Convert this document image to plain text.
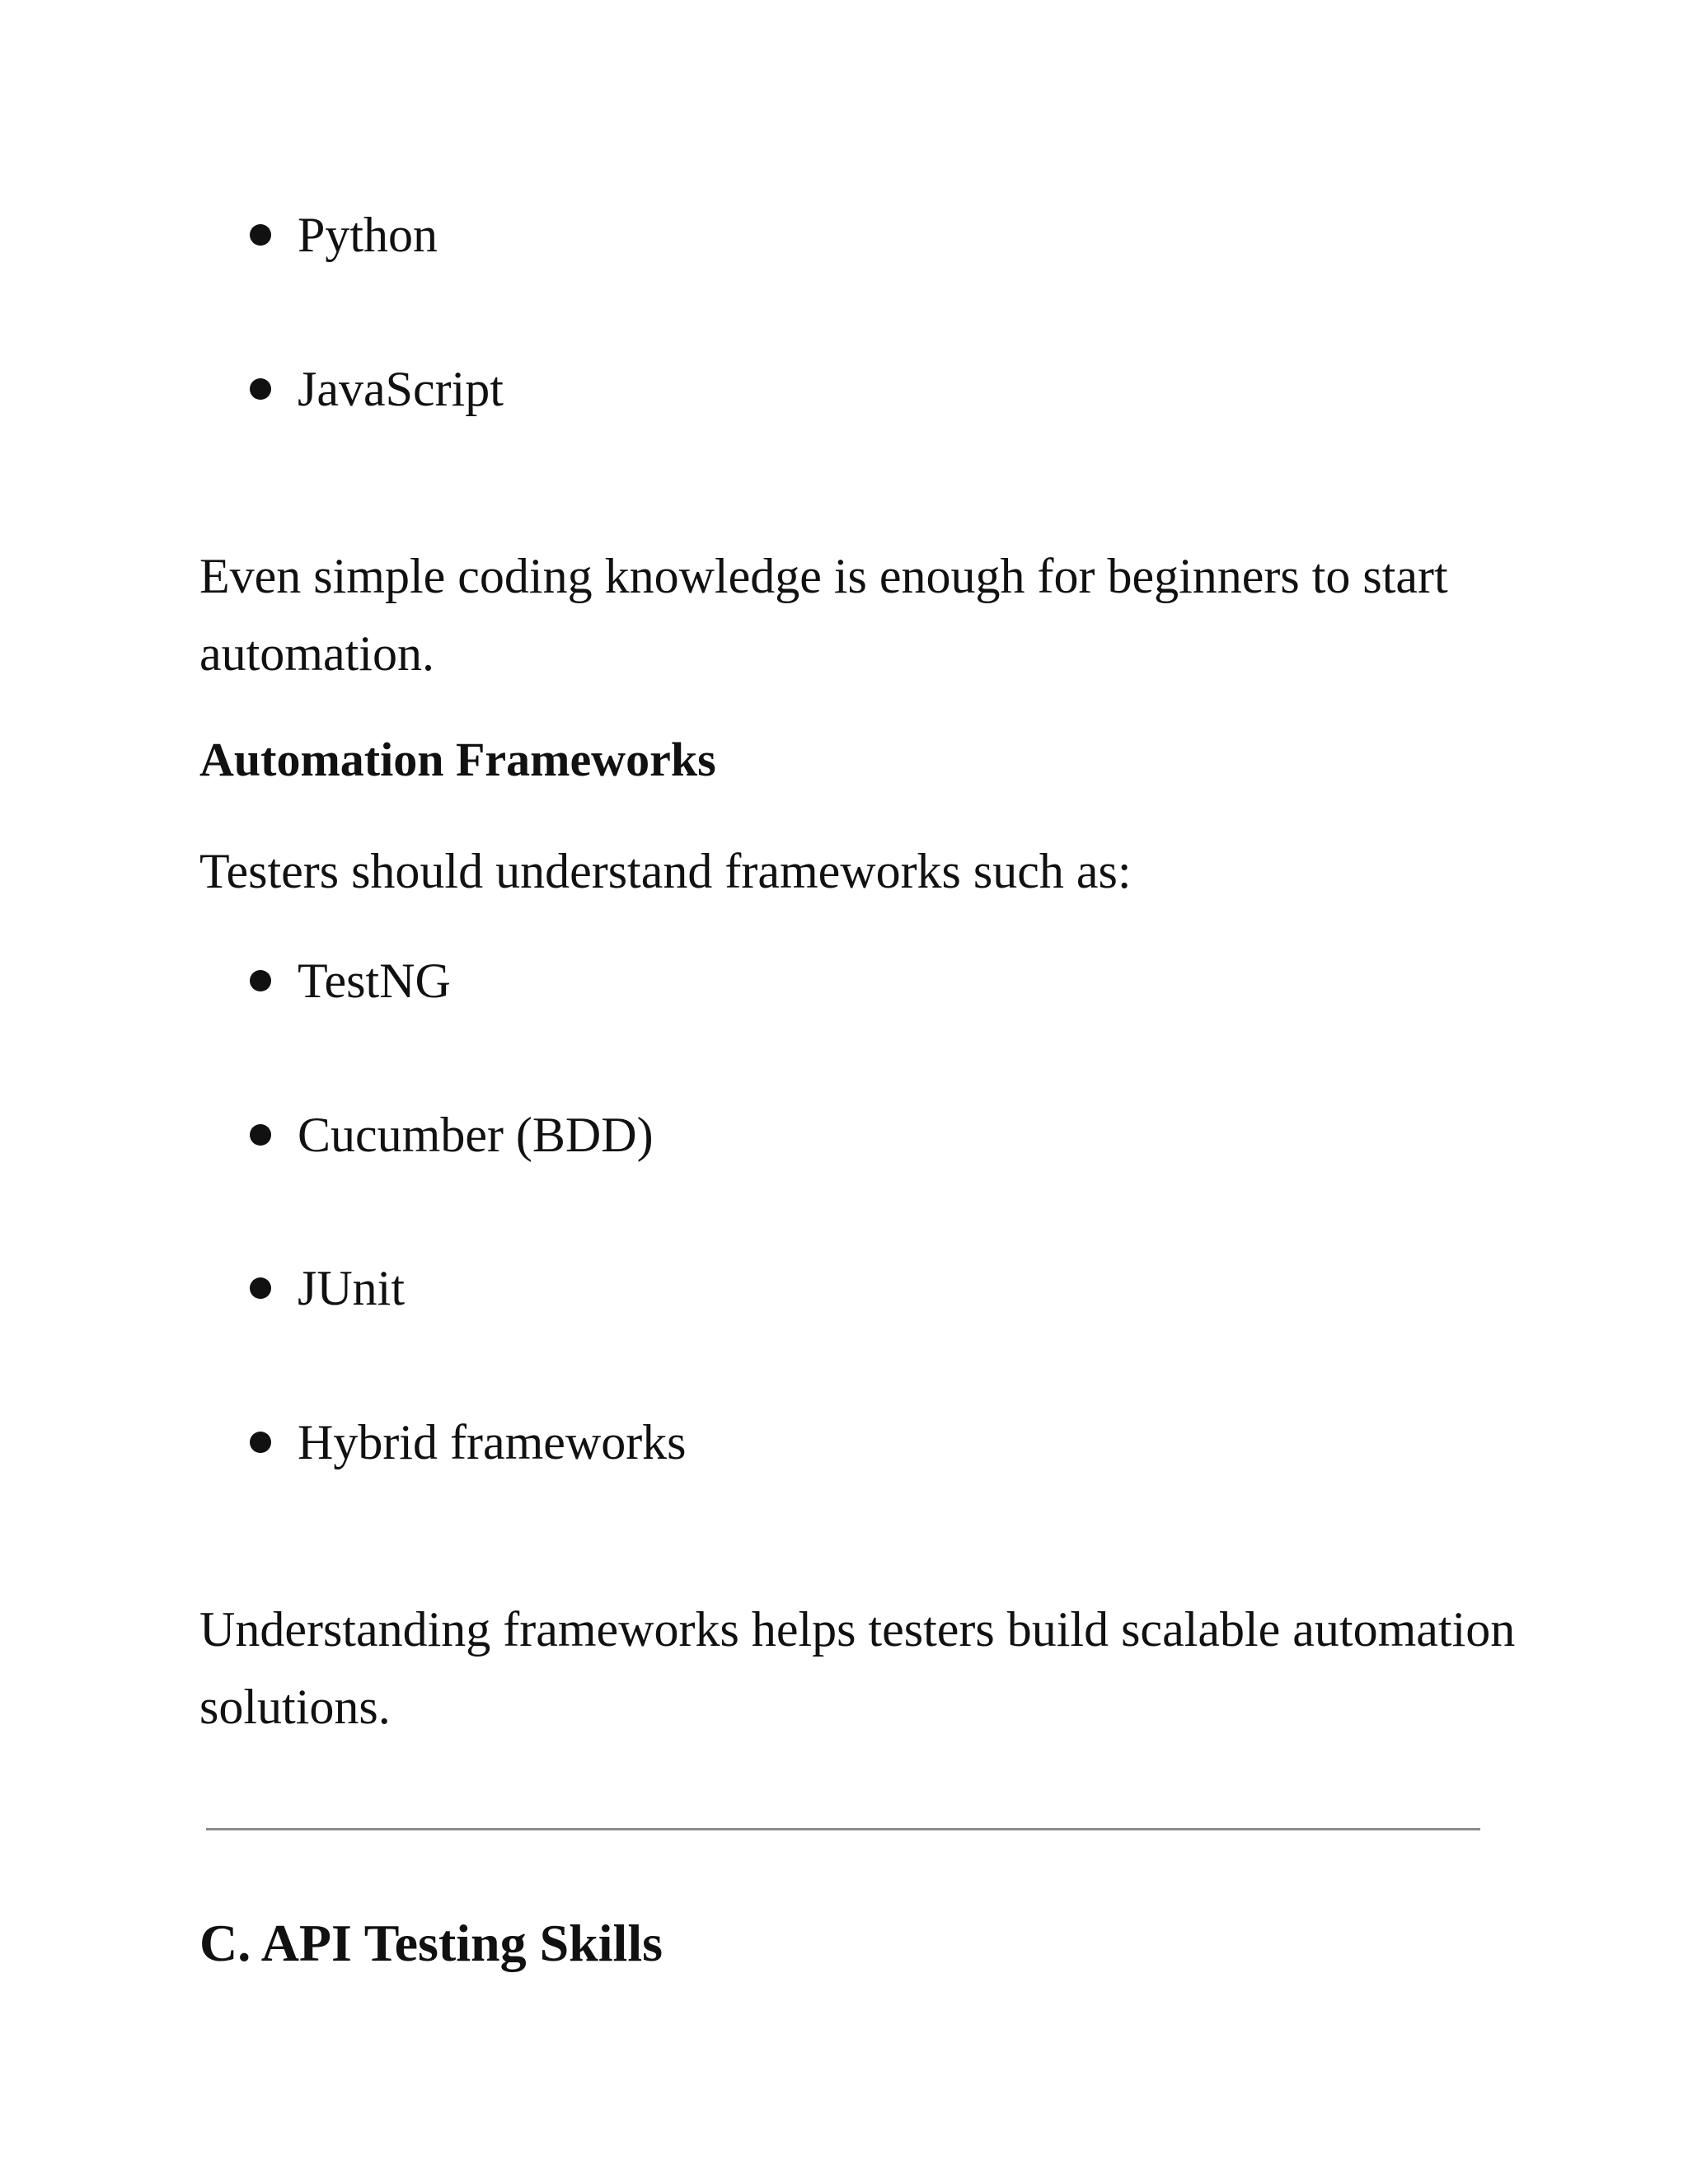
Python
JavaScript

Even simple coding knowledge is enough for beginners to start automation.

Automation Frameworks

Testers should understand frameworks such as:

TestNG
Cucumber (BDD)
JUnit
Hybrid frameworks

Understanding frameworks helps testers build scalable automation solutions.

C. API Testing Skills
